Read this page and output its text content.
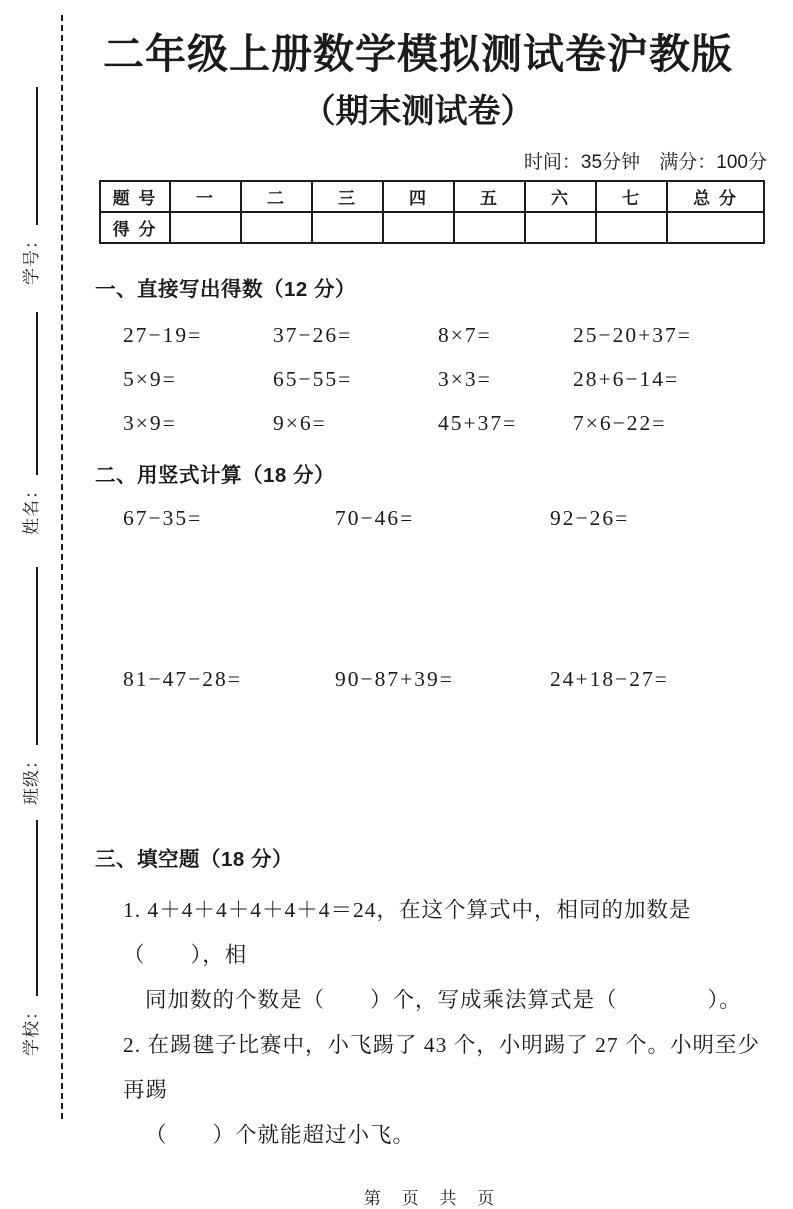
学号：
姓名：
班级：
学校：
二年级上册数学模拟测试卷沪教版
（期末测试卷）
时间：35分钟 满分：100分
题 号	一	二	三	四	五	六	七	总 分
得 分								
一、直接写出得数（12 分）
27−19=	37−26=	8×7=	25−20+37=
5×9=	65−55=	3×3=	28+6−14=
3×9=	9×6=	45+37=	7×6−22=
二、用竖式计算（18 分）
67−35=	70−46=	92−26=
81−47−28=	90−87+39=	24+18−27=
三、填空题（18 分）
1. 4＋4＋4＋4＋4＋4＝24，在这个算式中，相同的加数是（　　），相
同加数的个数是（　　）个，写成乘法算式是（　　　　）。
2. 在踢毽子比赛中，小飞踢了 43 个，小明踢了 27 个。小明至少再踢
（　　）个就能超过小飞。
第 页 共 页
